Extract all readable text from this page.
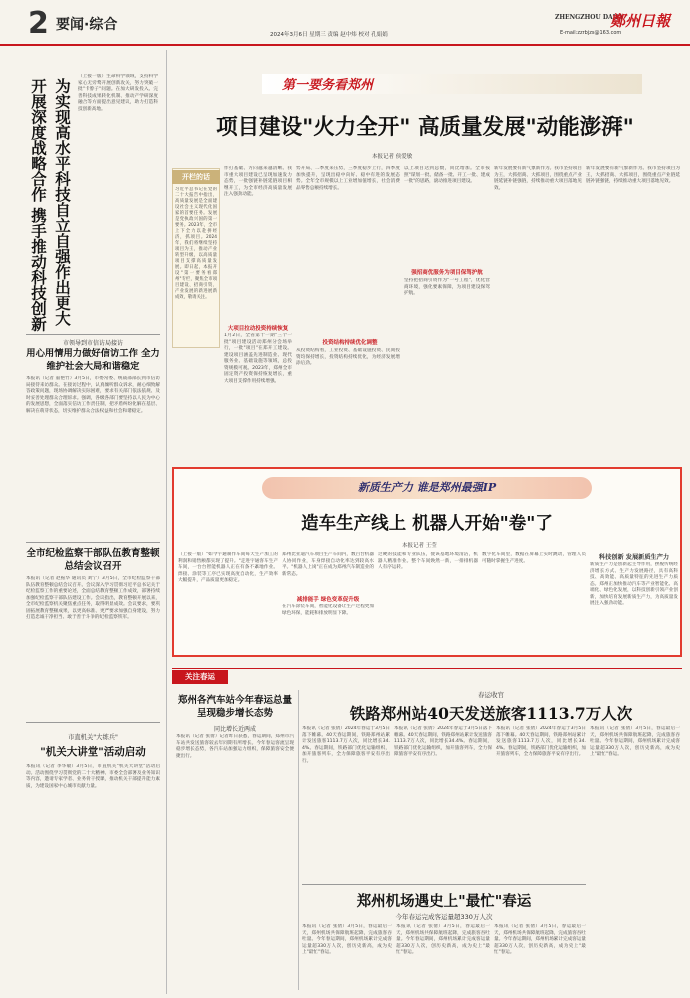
2 要闻·综合
2024年3月6日 星期三 责编 赵中炜 校对 孔娟娟
ZHENGZHOU DAILY
鄭州日報
E-mail:zzrbjzs@163.com
为实现高水平科技自立自强作出更大
开展深度战略合作 携手推动科技创新
（上接一版）生命科学领域，支持科学家心无旁骛开展创新攻关，努力突破一批"卡脖子"问题。在加大研发投入、完善科技成果转化机制、推动产学研深度融合等方面提出意见建议，助力打造科技创新高地。
市领导到市信访局接访
用心用情用力做好信访工作 全力维护社会大局和谐稳定
本报讯（记者 董艳竹）3月5日，市委常委、统战部部长到市信访局接待来访群众。在接访过程中，认真倾听群众诉求，耐心细致解答政策问题，现场协调解决实际困难，要求有关部门依法依规、及时妥善处理群众合理诉求。强调，各级各部门要坚持以人民为中心的发展思想，全面落实信访工作责任制，把矛盾纠纷化解在基层、解决在萌芽状态，切实维护群众合法权益和社会和谐稳定。
全市纪检监察干部队伍教育整顿总结会议召开
本报讯（记者 赵振华 通讯员 刘宁）3月5日，全市纪检监察干部队伍教育整顿总结会议召开。会议深入学习贯彻习近平总书记关于纪检监察工作的重要论述，全面总结教育整顿工作成效，部署持续加强纪检监察干部队伍建设工作。会议指出，教育整顿开展以来，全市纪检监察机关聚焦重点任务，取得明显成效。会议要求，要巩固拓展教育整顿成果，以更高标准、更严要求加强自身建设，努力打造忠诚干净担当、敢于善于斗争的纪检监察铁军。
市直机关"大练兵"
"机关大讲堂"活动启动
本报讯（记者 李华敏）3月5日，市直机关"机关大讲堂"活动启动。活动围绕学习贯彻党的二十大精神、市委全会部署及业务知识等内容，邀请专家学者、业务骨干授课，推动机关干部提升能力素质，为建设国家中心城市贡献力量。
第一要务看郑州
项目建设"火力全开" 高质量发展"动能澎湃"
本报记者 侯爱敏
开栏的话
习近平总书记在党的二十大报告中指出，高质量发展是全面建设社会主义现代化国家的首要任务。发展是党执政兴国的第一要务。2023年，全市上下全力以赴拼经济，抓项目。2024年，我们将继续坚持项目为王，推动产业转型升级，以高质量项目支撑高质量发展。即日起，本报开设"第一要务看郑州"专栏，聚焦全市项目建设、招商引资、产业发展的新进展新成效，敬请关注。
作打基础、方向越来越清晰。我市重大项目建设已呈现加速发力态势，一批强链补链延链项目相继开工，为全市经济高质量发展注入强劲动能。
大项目拉动投资持续恢复
1月2日，全省第十一期"三个一批"项目建设活动郑州分会场举行，一批"项目"在郑开工建设。建设项目涵盖先进制造业、现代服务业、基础设施等领域，总投资规模可观。2023年，郑州全市固定资产投资保持恢复增长，重大项目支撑作用持续增强。
势开局、二季度来压势，三季度稳步上行，四季度加快提升，呈现出稳中向好、稳中有进的发展态势。全年全市规模以上工业增加值增长，社会消费品零售总额持续增长。
投资结构持续优化调整
从投资结构看，工业投资、基础设施投资、民间投资均保持增长，投资结构持续优化，为经济发展增添后劲。
以上项目达到总数，同比增加。全市按照"谋划一批、储备一批、开工一批、建成一批"的思路，滚动推进项目建设。
强招商优服务为项目保驾护航
坚持把招商引资作为"一号工程"，优化营商环境，强化要素保障，为项目建设保驾护航。
新年发展要有新气象新作为。我市坚持项目为王，大抓招商、大抓项目，围绕重点产业链延链补链强链，持续推动重大项目落地见效。
新年发展要有新气象新作为。我市坚持项目为王，大抓招商、大抓项目，围绕重点产业链延链补链强链，持续推动重大项目落地见效。
新质生产力 谁是郑州最强IP
造车生产线上 机器人开始"卷"了
本报记者 王莹
（上接一版）"如今宇通制作车间每天生产加工的利润和销售额都实现了提升。"走进宇通客车生产车间，一台台智能机器人正在有条不紊地作业。焊接、涂装等工序已实现高度自动化，生产效率大幅提升，产品质量更加稳定。
郑州比亚迪汽车项目生产车间内，数百台机器人协同作业，车身焊接自动化率达到较高水平。"机器人上岗"正在成为郑州汽车制造业的新常态。
减排能手 绿色变革促升级
在汽车涂装车间，智能化设备让生产过程更加绿色环保，能耗和排放明显下降。
过硬的技能和专业队伍，使该基地环境清洁，机器人精准作业。整个车间焕然一新，一排排机器人有序运转。
数字化车间里，数据在屏幕上实时跳动，管理人员可随时掌握生产进度。	科技创新 发展新质生产力
新质生产力是创新起主导作用，摆脱传统经济增长方式、生产力发展路径，具有高科技、高效能、高质量特征的先进生产力质态。郑州正加快推动汽车等产业智能化、高端化、绿色化发展，以科技创新引领产业创新，加快培育发展新质生产力，为高质量发展注入强劲动能。
关注春运
郑州各汽车站今年春运总量呈现稳步增长态势
同比增长近两成
本报讯（记者 张倩）记者昨日获悉，春运期间，郑州市汽车站共发送旅客较去年同期有所增长。今年春运客流呈现稳步增长态势，各汽车站加强运力组织，保障旅客安全便捷出行。
春运收官
铁路郑州站40天发送旅客1113.7万人次
本报讯（记者 张倩）2024年春运于3月5日落下帷幕。40天春运期间，铁路郑州站累计发送旅客1113.7万人次，同比增长34.4%。春运期间，铁路部门优化运输组织，加开旅客列车，全力保障旅客平安有序出行。
本报讯（记者 张倩）2024年春运于3月5日落下帷幕。40天春运期间，铁路郑州站累计发送旅客1113.7万人次，同比增长34.4%。春运期间，铁路部门优化运输组织，加开旅客列车，全力保障旅客平安有序出行。
本报讯（记者 张倩）2024年春运于3月5日落下帷幕。40天春运期间，铁路郑州站累计发送旅客1113.7万人次，同比增长34.4%。春运期间，铁路部门优化运输组织，加开旅客列车，全力保障旅客平安有序出行。
本报讯（记者 张倩）3月5日，春运最后一天，郑州机场共保障航班起降，完成旅客吞吐量。今年春运期间，郑州机场累计完成客运量超330万人次，创历史新高，成为史上"最忙"春运。
郑州机场遇史上"最忙"春运
今年春运完成客运量超330万人次
本报讯（记者 张倩）3月5日，春运最后一天，郑州机场共保障航班起降，完成旅客吞吐量。今年春运期间，郑州机场累计完成客运量超330万人次，创历史新高，成为史上"最忙"春运。
本报讯（记者 张倩）3月5日，春运最后一天，郑州机场共保障航班起降，完成旅客吞吐量。今年春运期间，郑州机场累计完成客运量超330万人次，创历史新高，成为史上"最忙"春运。
本报讯（记者 张倩）3月5日，春运最后一天，郑州机场共保障航班起降，完成旅客吞吐量。今年春运期间，郑州机场累计完成客运量超330万人次，创历史新高，成为史上"最忙"春运。
